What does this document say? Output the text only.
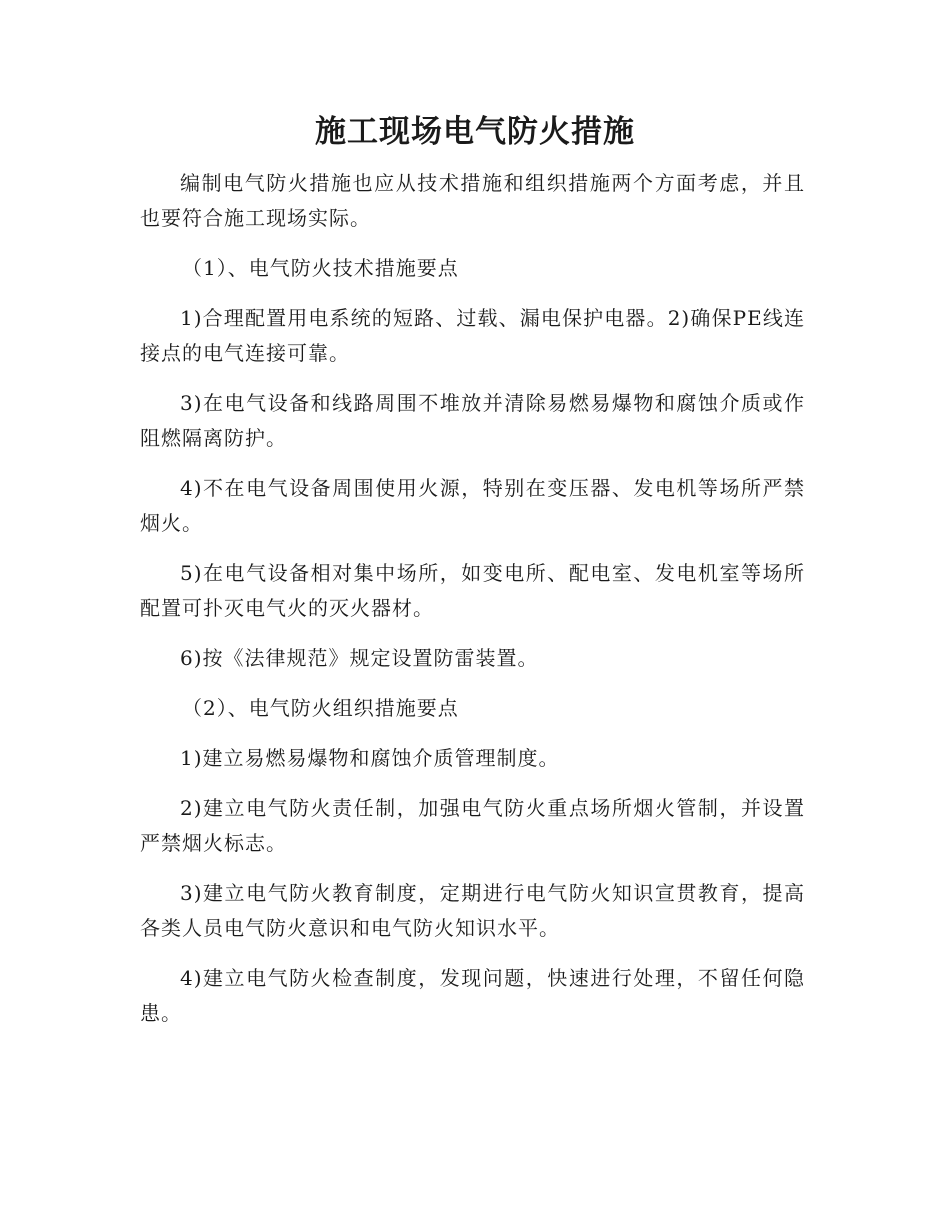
施工现场电气防火措施

编制电气防火措施也应从技术措施和组织措施两个方面考虑，并且也要符合施工现场实际。

（1）、电气防火技术措施要点

1)合理配置用电系统的短路、过载、漏电保护电器。2)确保PE线连接点的电气连接可靠。

3)在电气设备和线路周围不堆放并清除易燃易爆物和腐蚀介质或作阻燃隔离防护。

4)不在电气设备周围使用火源，特别在变压器、发电机等场所严禁烟火。

5)在电气设备相对集中场所，如变电所、配电室、发电机室等场所配置可扑灭电气火的灭火器材。

6)按《法律规范》规定设置防雷装置。

（2）、电气防火组织措施要点

1)建立易燃易爆物和腐蚀介质管理制度。

2)建立电气防火责任制，加强电气防火重点场所烟火管制，并设置严禁烟火标志。

3)建立电气防火教育制度，定期进行电气防火知识宣贯教育，提高各类人员电气防火意识和电气防火知识水平。

4)建立电气防火检查制度，发现问题，快速进行处理，不留任何隐患。
